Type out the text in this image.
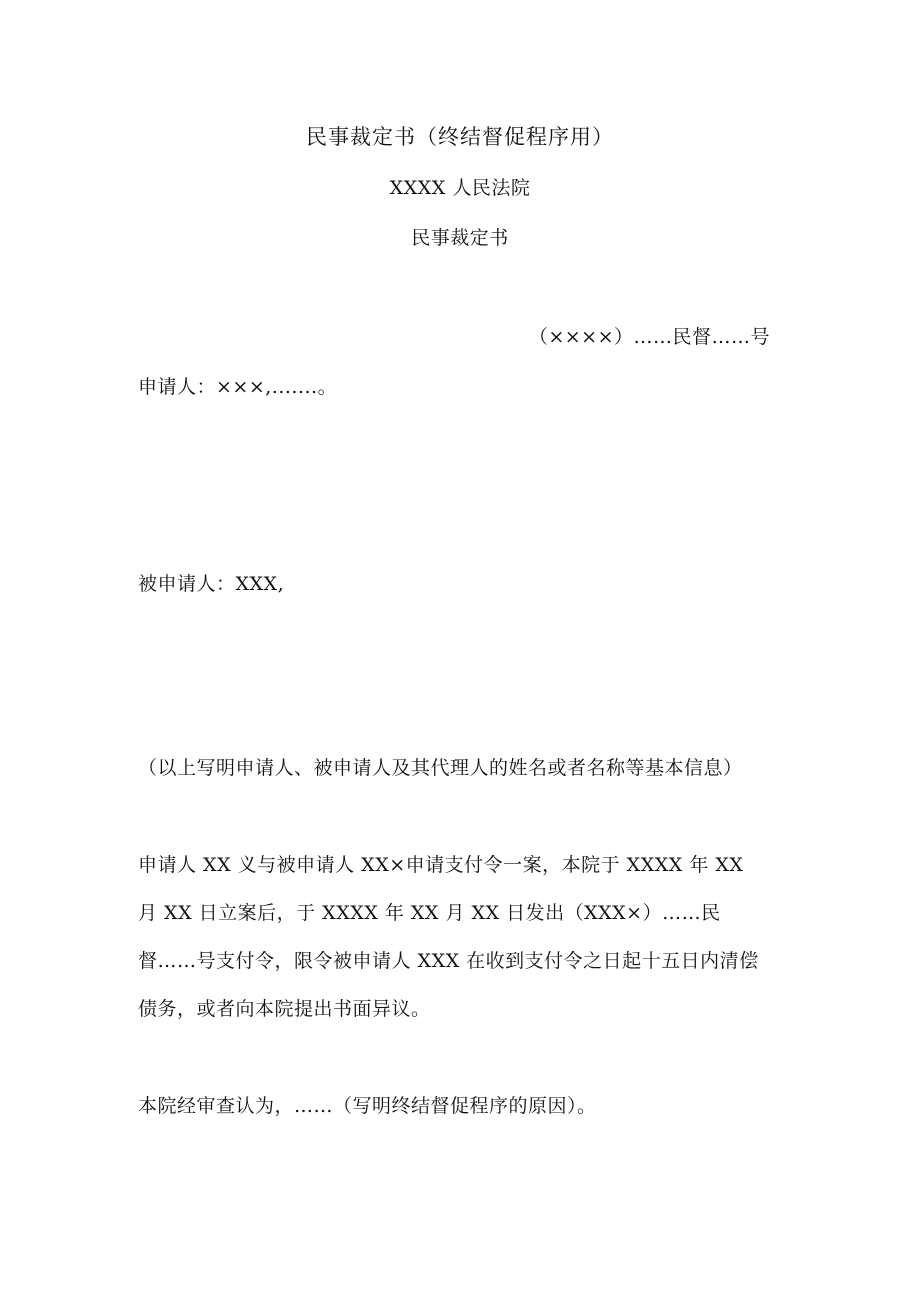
民事裁定书（终结督促程序用）
XXXX 人民法院
民事裁定书
（××××）……民督……号
申请人：×××,.......。
被申请人：XXX,
（以上写明申请人、被申请人及其代理人的姓名或者名称等基本信息）
申请人 XX 义与被申请人 XX×申请支付令一案，本院于 XXXX 年 XX
月 XX 日立案后，于 XXXX 年 XX 月 XX 日发出（XXX×）……民
督……号支付令，限令被申请人 XXX 在收到支付令之日起十五日内清偿
债务，或者向本院提出书面异议。
本院经审查认为，……（写明终结督促程序的原因）。
